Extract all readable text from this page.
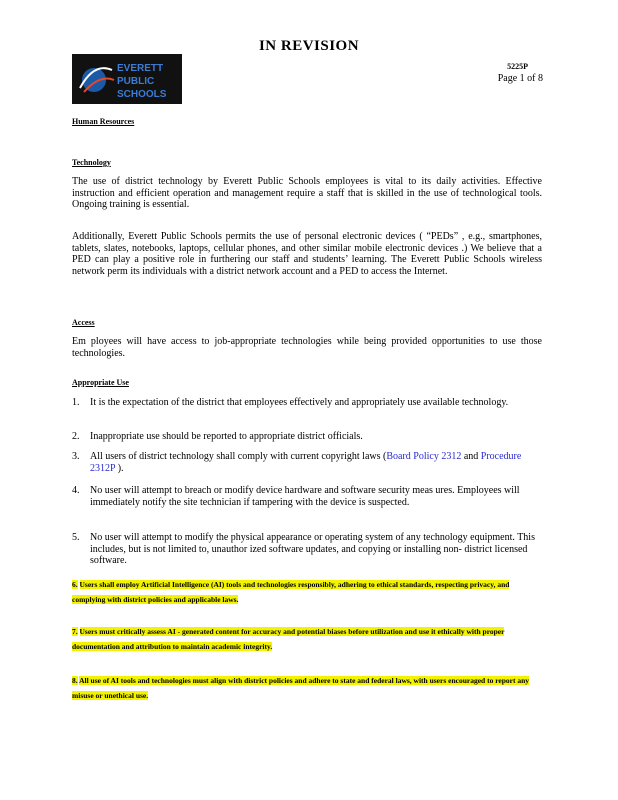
IN REVISION
EVERETT
PUBLIC
SCHOOLS
5225P
Page 1 of 8
Human Resources
Technology
The use of district technology by Everett Public Schools employees is vital to its daily activities. Effective instruction and efficient operation and management require a staff that is skilled in the use of technological tools. Ongoing training is essential.
Additionally, Everett Public Schools permits the use of personal electronic devices ( “PEDs” , e.g., smartphones, tablets, slates, notebooks, laptops, cellular phones, and other similar mobile electronic devices .) We believe that a PED can play a positive role in furthering our staff and students’ learning. The Everett Public Schools wireless network perm its individuals with a district network account and a PED to access the Internet.
Access
Em ployees will have access to job-appropriate technologies while being provided opportunities to use those technologies.
Appropriate Use
1. It is the expectation of the district that employees effectively and appropriately use available technology.
2. Inappropriate use should be reported to appropriate district officials.
3. All users of district technology shall comply with current copyright laws (Board Policy 2312 and Procedure 2312P ).
4. No user will attempt to breach or modify device hardware and software security meas ures. Employees will immediately notify the site technician if tampering with the device is suspected.
5. No user will attempt to modify the physical appearance or operating system of any technology equipment. This includes, but is not limited to, unauthor ized software updates, and copying or installing non- district licensed software.
6. Users shall employ Artificial Intelligence (AI) tools and technologies responsibly, adhering to ethical standards, respecting privacy, and complying with district policies and applicable laws.
7. Users must critically assess AI - generated content for accuracy and potential biases before utilization and use it ethically with proper documentation and attribution to maintain academic integrity.
8. All use of AI tools and technologies must align with district policies and adhere to state and federal laws, with users encouraged to report any misuse or unethical use.
